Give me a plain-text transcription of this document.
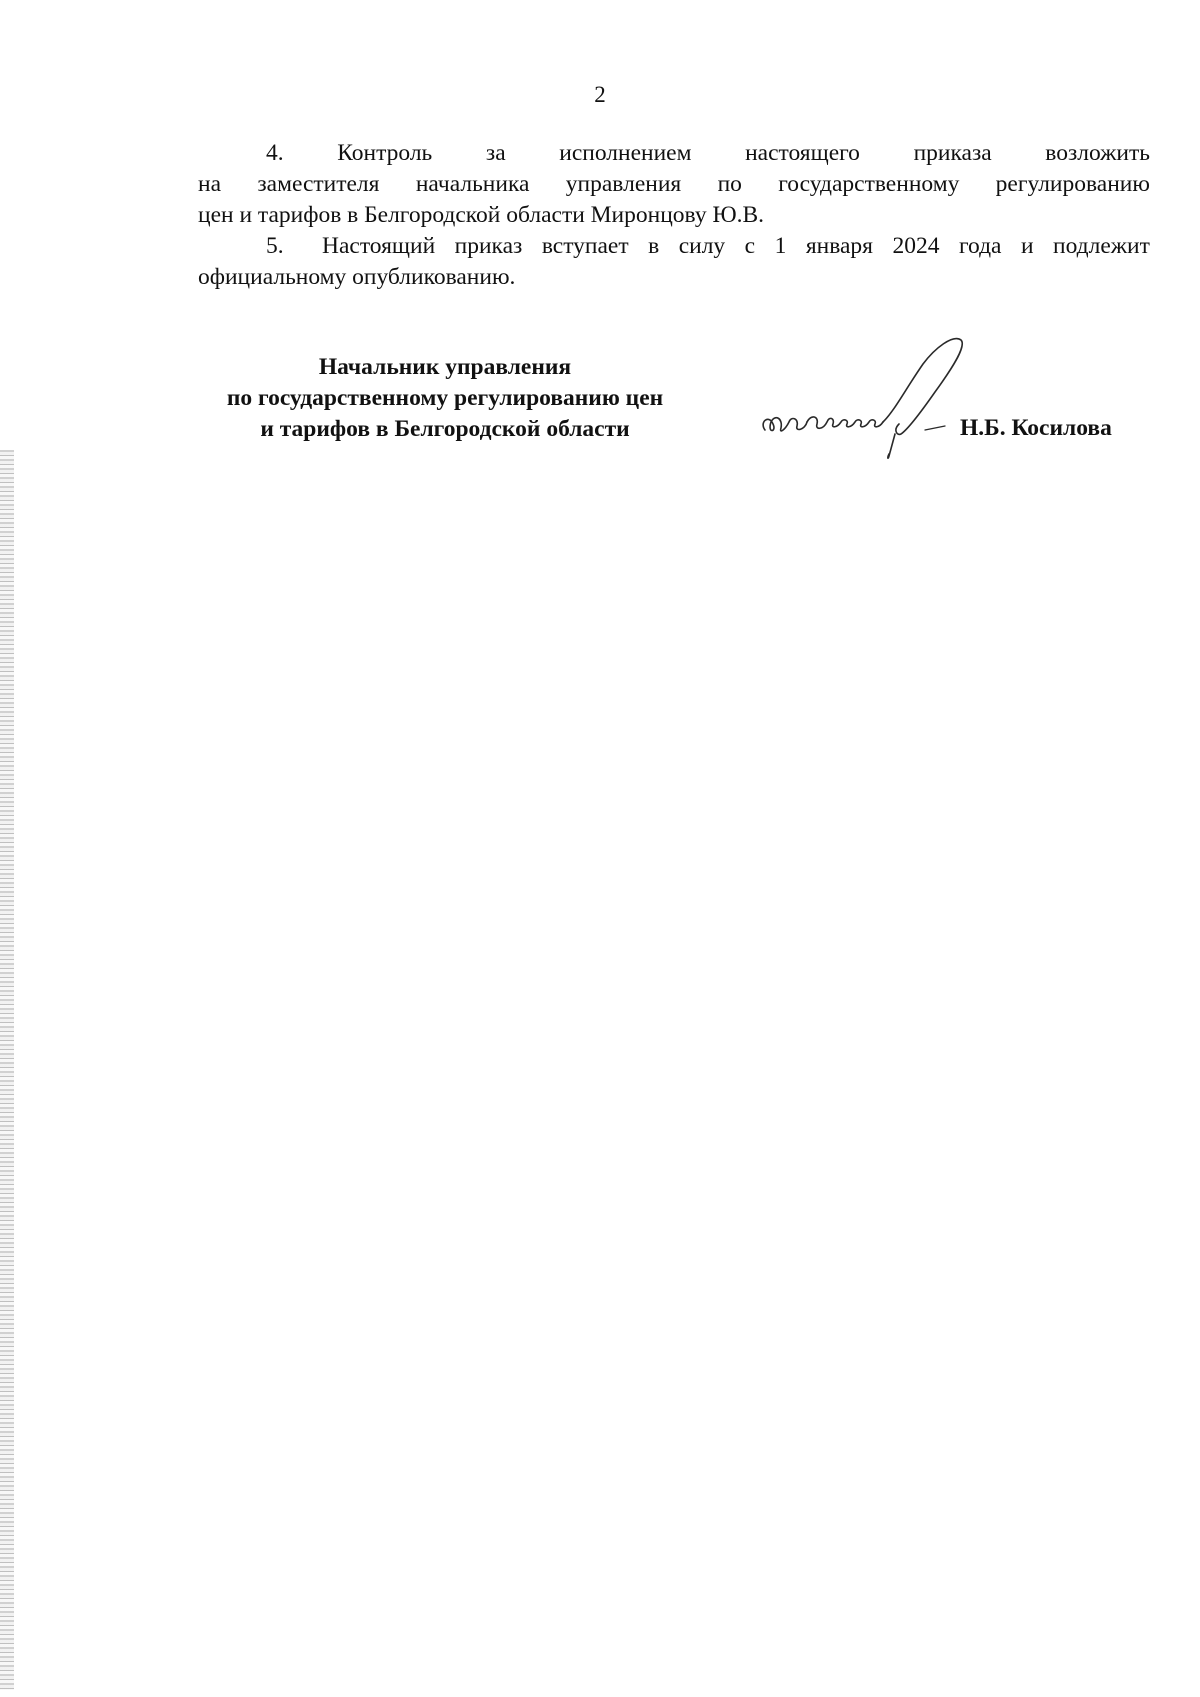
2
4. Контроль за исполнением настоящего приказа возложить
на заместителя начальника управления по государственному регулированию
цен и тарифов в Белгородской области Миронцову Ю.В.
5.	Настоящий приказ вступает в силу с 1 января 2024 года и подлежит
официальному опубликованию.
Начальник управления
по государственному регулированию цен
и тарифов в Белгородской области	Н.Б. Косилова
